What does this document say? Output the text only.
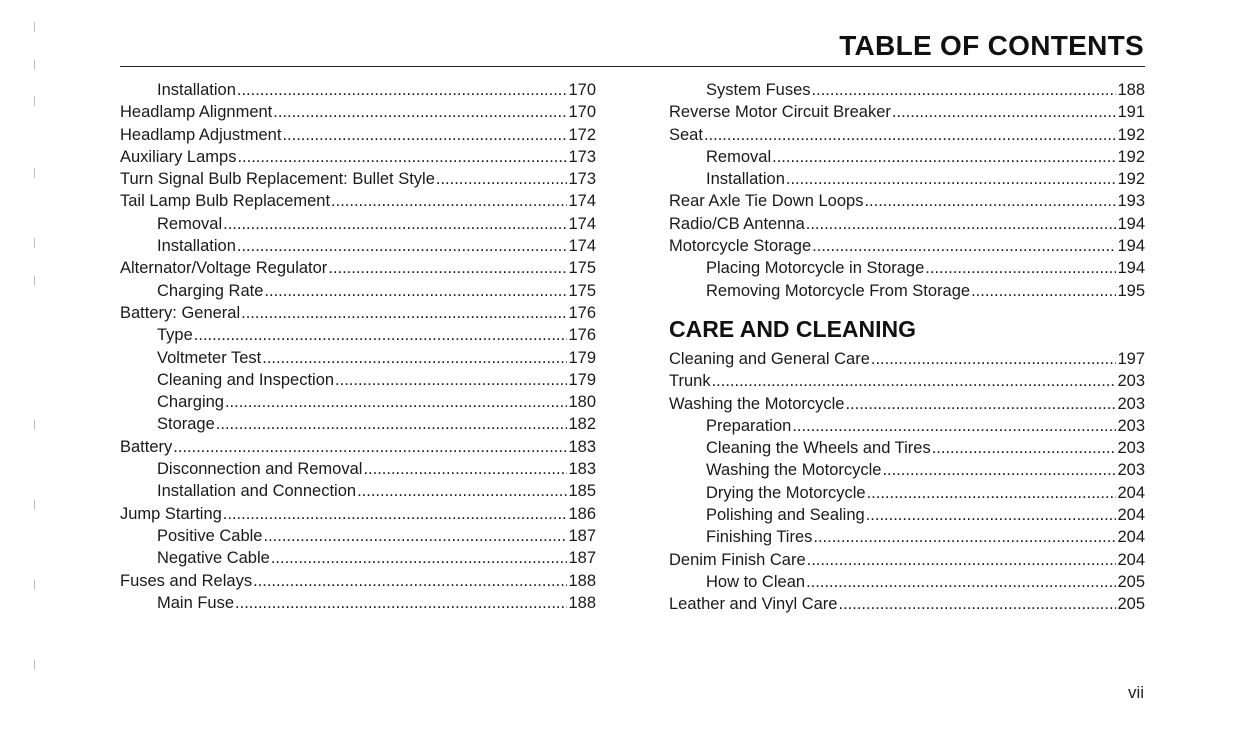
TABLE OF CONTENTS
Installation .....	170
Headlamp Alignment .....	170
Headlamp Adjustment .....	172
Auxiliary Lamps .....	173
Turn Signal Bulb Replacement: Bullet Style .....	173
Tail Lamp Bulb Replacement .....	174
Removal .....	174
Installation .....	174
Alternator/Voltage Regulator .....	175
Charging Rate .....	175
Battery: General .....	176
Type .....	176
Voltmeter Test .....	179
Cleaning and Inspection .....	179
Charging .....	180
Storage .....	182
Battery .....	183
Disconnection and Removal .....	183
Installation and Connection .....	185
Jump Starting .....	186
Positive Cable .....	187
Negative Cable .....	187
Fuses and Relays .....	188
Main Fuse .....	188
System Fuses .....	188
Reverse Motor Circuit Breaker .....	191
Seat .....	192
Removal .....	192
Installation .....	192
Rear Axle Tie Down Loops .....	193
Radio/CB Antenna .....	194
Motorcycle Storage .....	194
Placing Motorcycle in Storage .....	194
Removing Motorcycle From Storage .....	195
CARE AND CLEANING
Cleaning and General Care .....	197
Trunk .....	203
Washing the Motorcycle .....	203
Preparation .....	203
Cleaning the Wheels and Tires .....	203
Washing the Motorcycle .....	203
Drying the Motorcycle .....	204
Polishing and Sealing .....	204
Finishing Tires .....	204
Denim Finish Care .....	204
How to Clean .....	205
Leather and Vinyl Care .....	205
vii
